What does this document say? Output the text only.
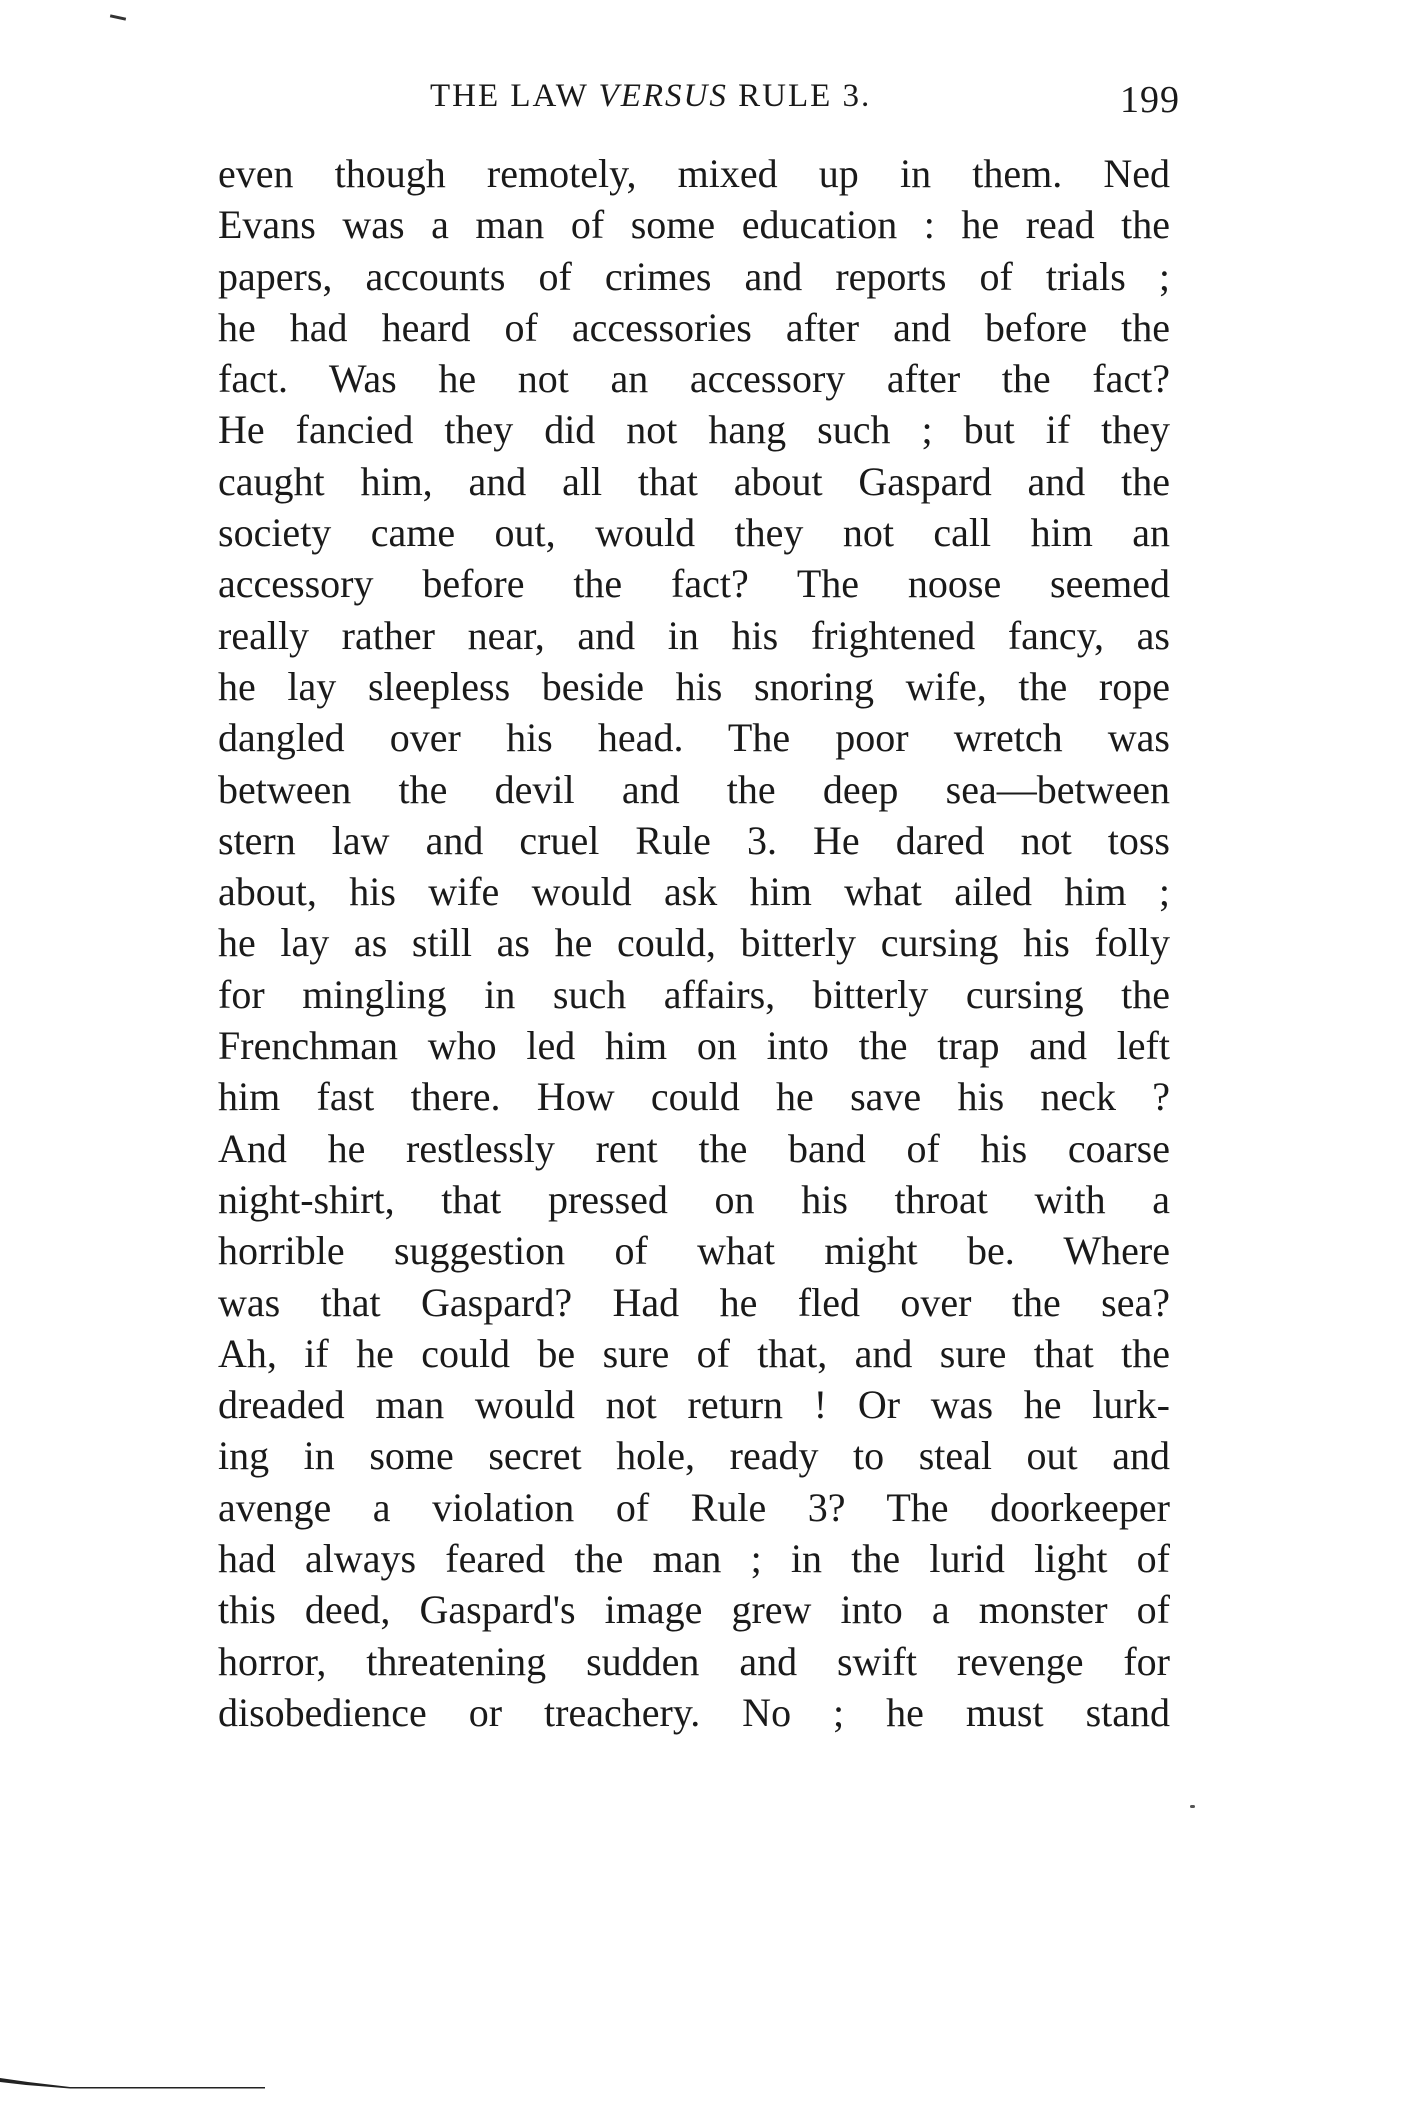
THE LAW VERSUS RULE 3.	199
even though remotely, mixed up in them. Ned
Evans was a man of some education : he read the
papers, accounts of crimes and reports of trials ;
he had heard of accessories after and before the
fact. Was he not an accessory after the fact?
He fancied they did not hang such ; but if they
caught him, and all that about Gaspard and the
society came out, would they not call him an
accessory before the fact? The noose seemed
really rather near, and in his frightened fancy, as
he lay sleepless beside his snoring wife, the rope
dangled over his head. The poor wretch was
between the devil and the deep sea—between
stern law and cruel Rule 3. He dared not toss
about, his wife would ask him what ailed him ;
he lay as still as he could, bitterly cursing his folly
for mingling in such affairs, bitterly cursing the
Frenchman who led him on into the trap and left
him fast there. How could he save his neck ?
And he restlessly rent the band of his coarse
night-shirt, that pressed on his throat with a
horrible suggestion of what might be. Where
was that Gaspard? Had he fled over the sea?
Ah, if he could be sure of that, and sure that the
dreaded man would not return ! Or was he lurk-
ing in some secret hole, ready to steal out and
avenge a violation of Rule 3? The doorkeeper
had always feared the man ; in the lurid light of
this deed, Gaspard's image grew into a monster of
horror, threatening sudden and swift revenge for
disobedience or treachery. No ; he must stand
